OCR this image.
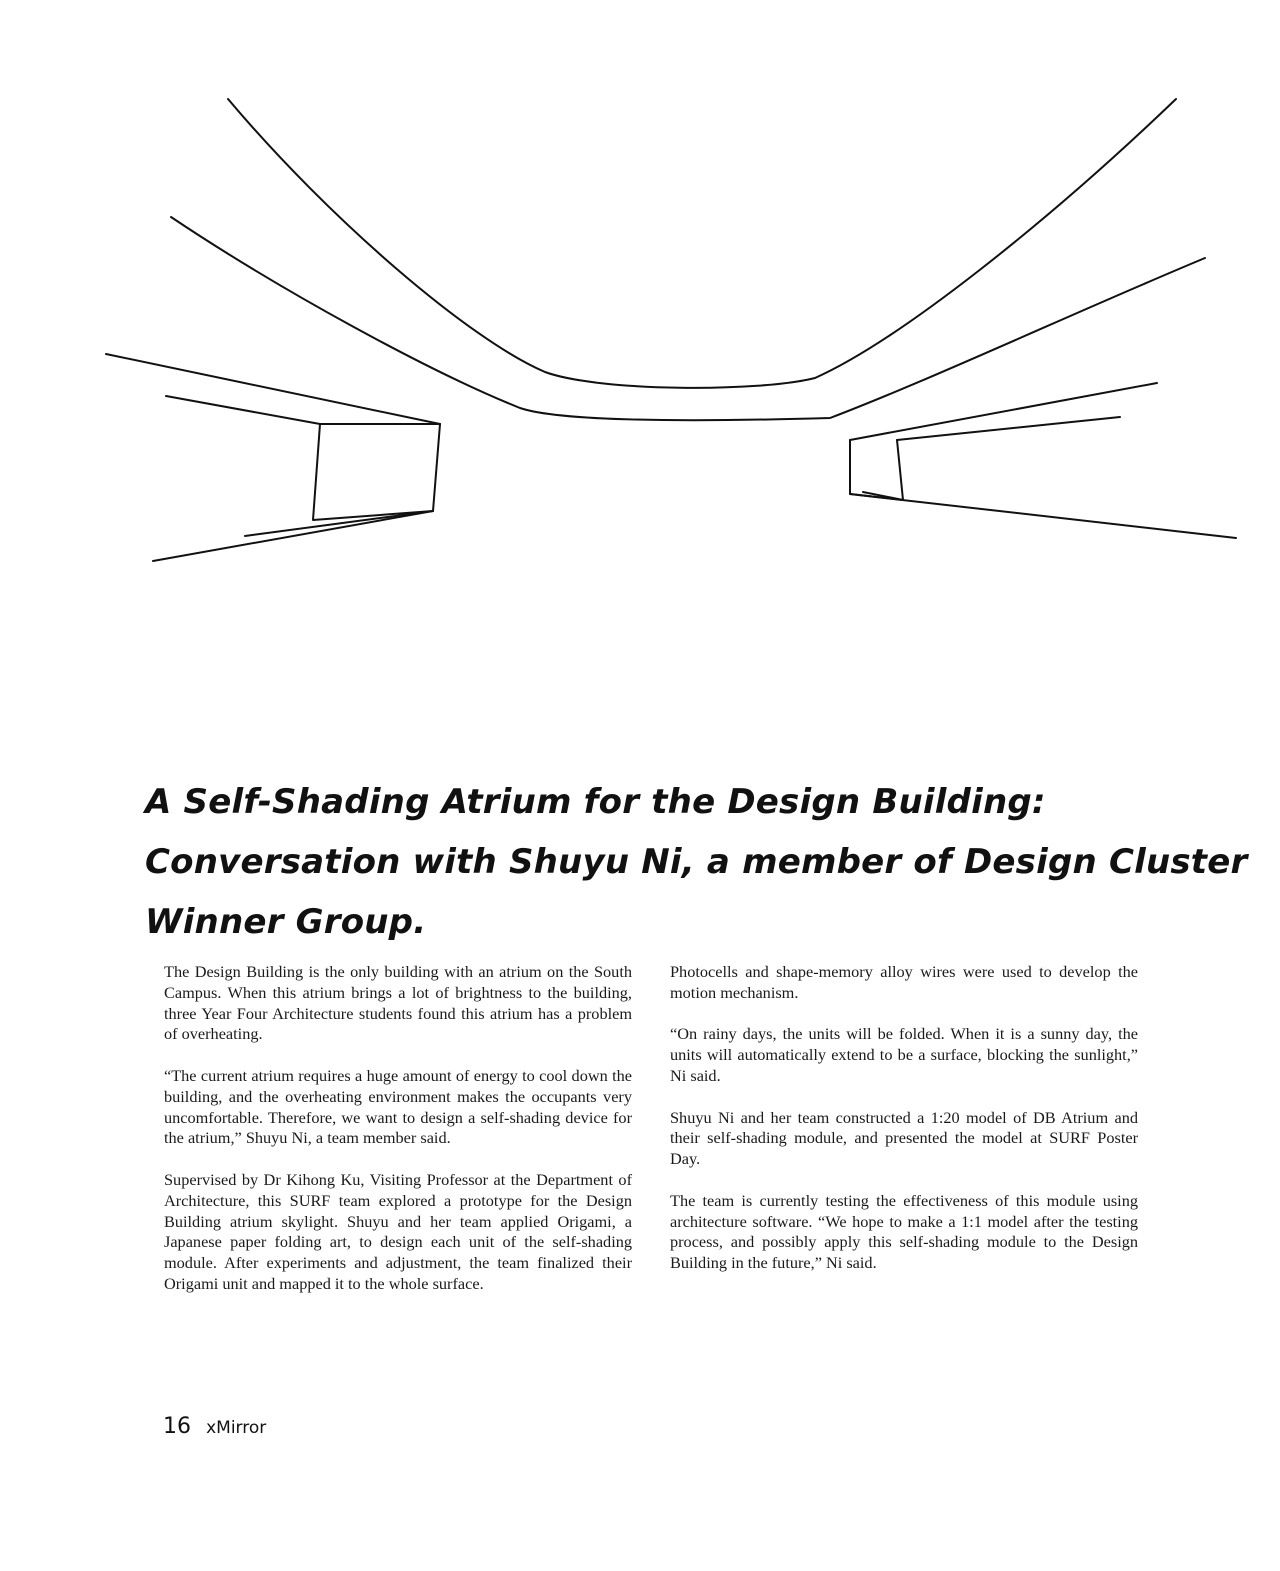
A Self-Shading Atrium for the Design Building: Conversation with Shuyu Ni, a member of Design Cluster Winner Group.

The Design Building is the only building with an atrium on the South Campus. When this atrium brings a lot of brightness to the building, three Year Four Architecture students found this atrium has a problem of overheating.

“The current atrium requires a huge amount of energy to cool down the building, and the overheating environment makes the occupants very uncomfortable. Therefore, we want to design a self-shading device for the atrium,” Shuyu Ni, a team member said.

Supervised by Dr Kihong Ku, Visiting Professor at the Department of Architecture, this SURF team explored a prototype for the Design Building atrium skylight. Shuyu and her team applied Origami, a Japanese paper folding art, to design each unit of the self-shading module. After experiments and adjustment, the team finalized their Origami unit and mapped it to the whole surface.

Photocells and shape-memory alloy wires were used to develop the motion mechanism.

“On rainy days, the units will be folded. When it is a sunny day, the units will automatically extend to be a surface, blocking the sunlight,” Ni said.

Shuyu Ni and her team constructed a 1:20 model of DB Atrium and their self-shading module, and presented the model at SURF Poster Day.

The team is currently testing the effectiveness of this module using architecture software. “We hope to make a 1:1 model after the testing process, and possibly apply this self-shading module to the Design Building in the future,” Ni said.

16 xMirror
